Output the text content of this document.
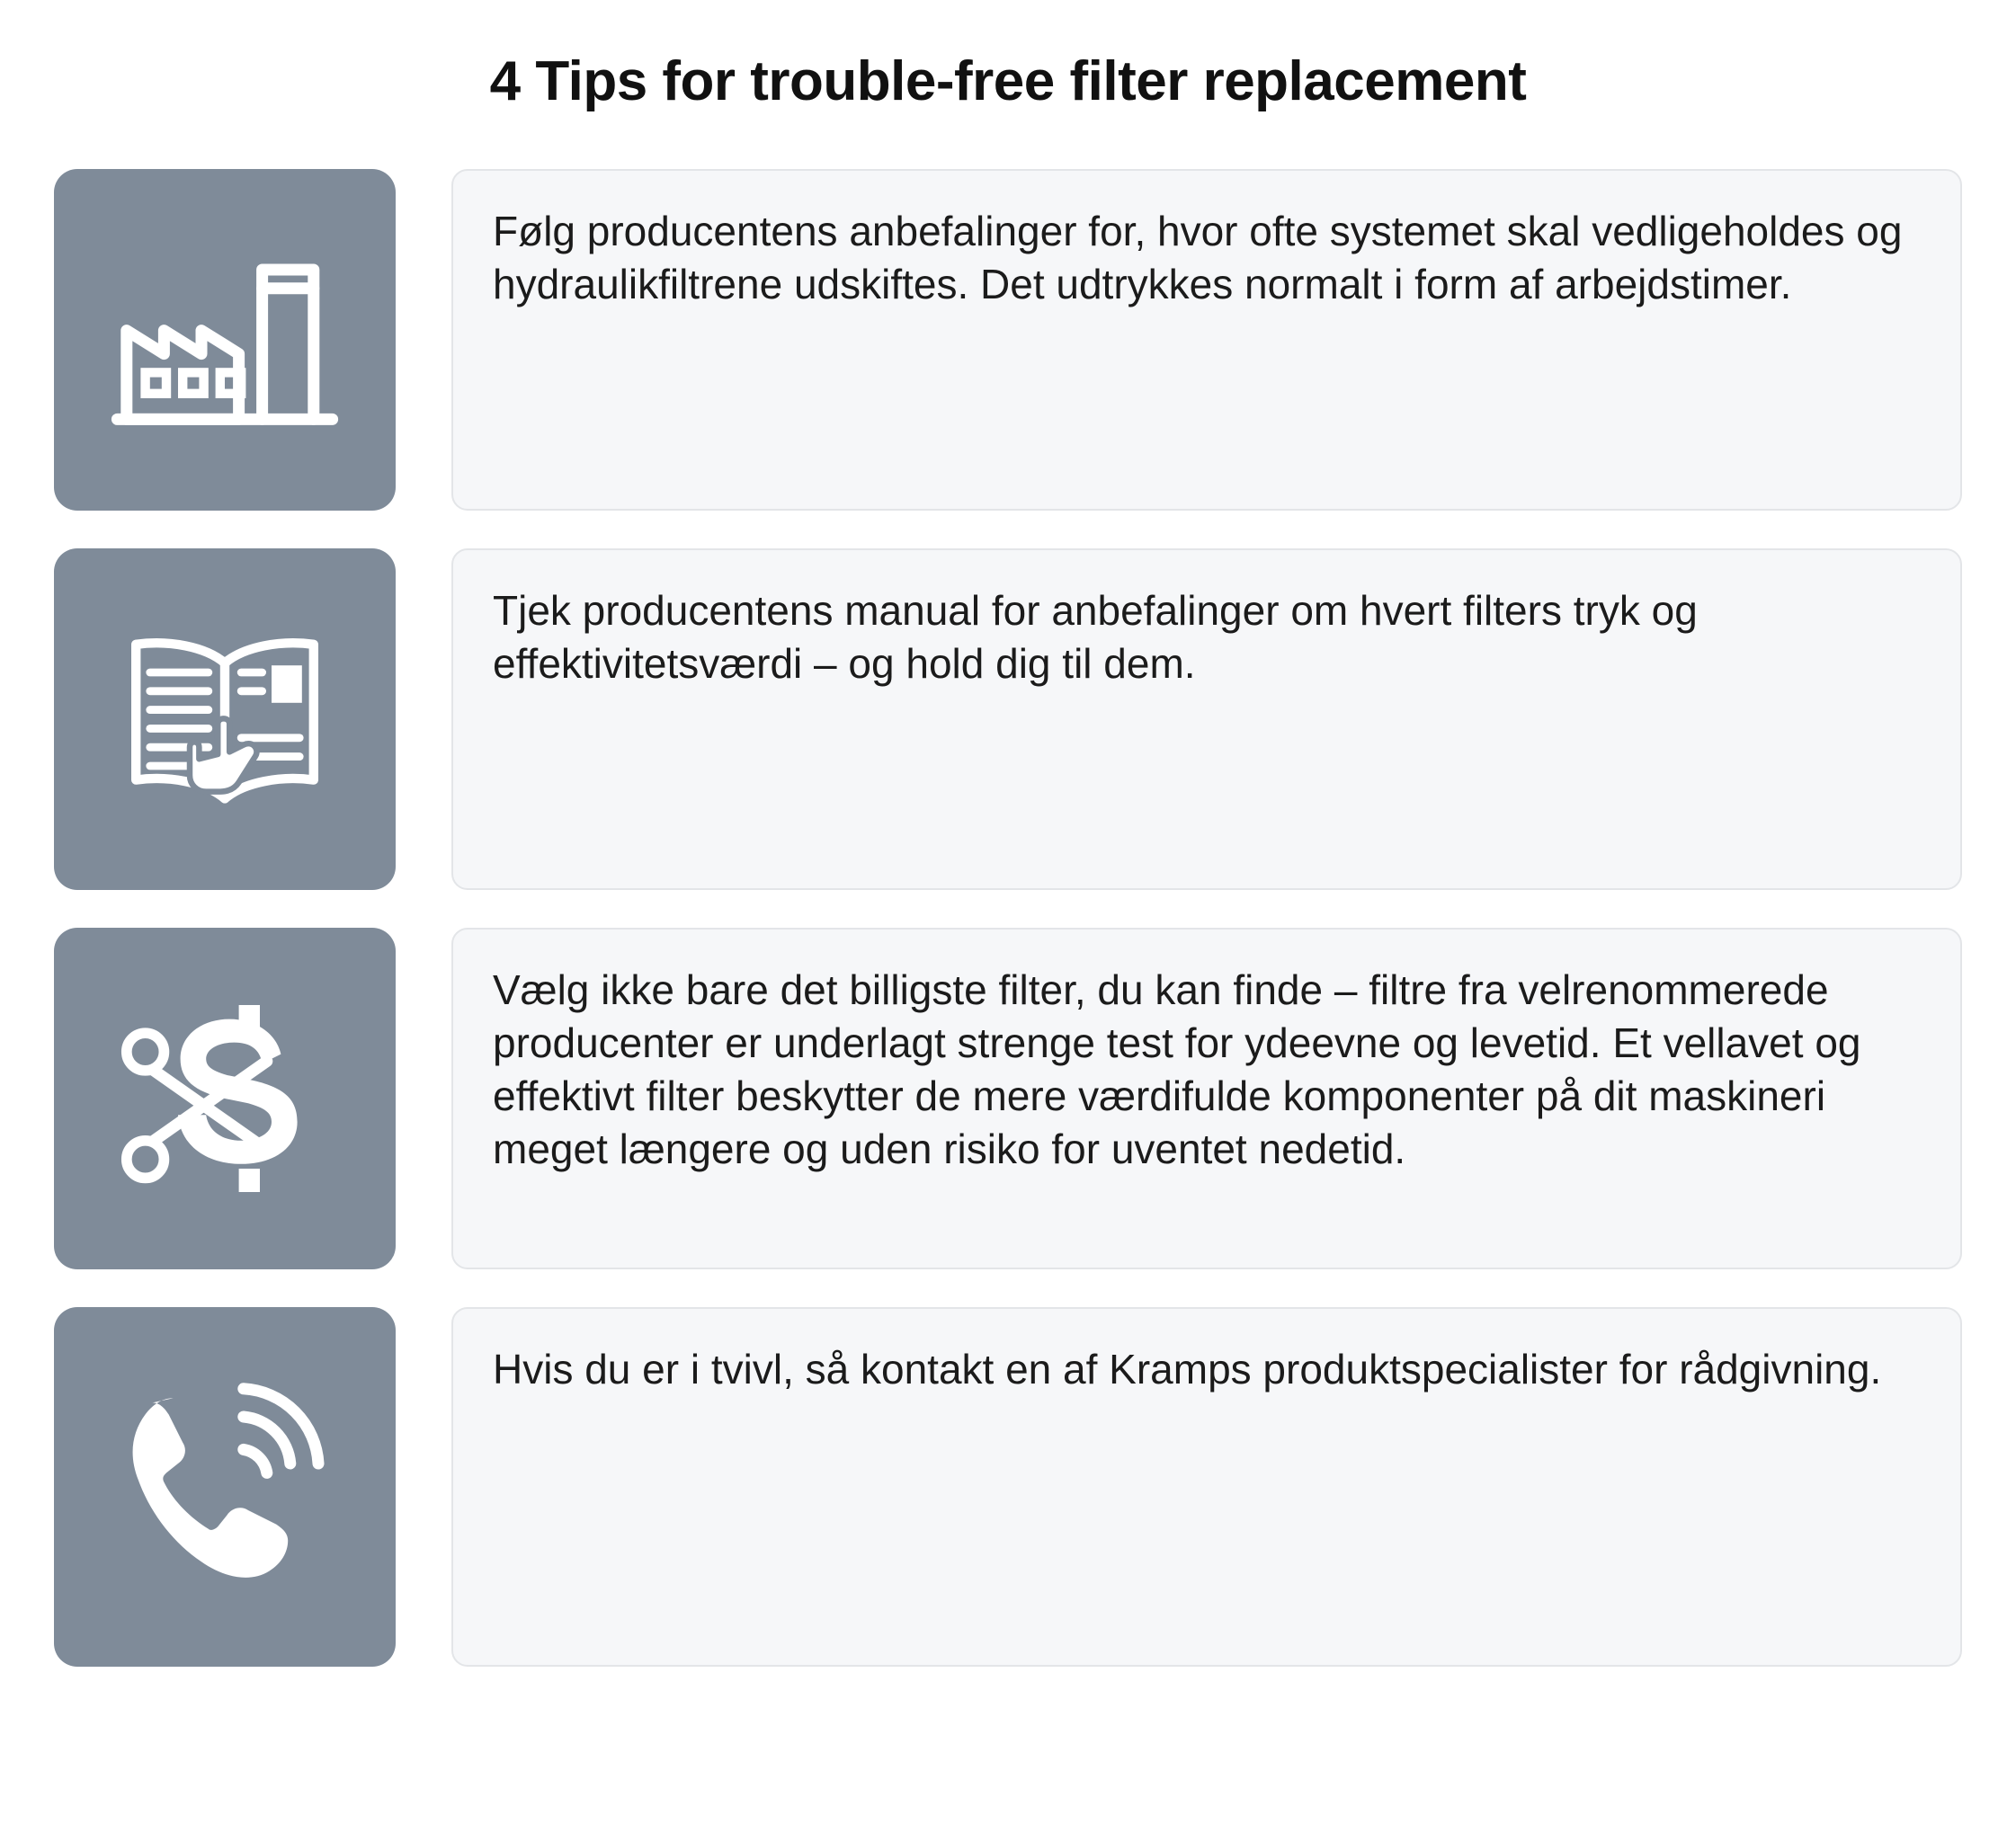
4 Tips for trouble-free filter replacement

Følg producentens anbefalinger for, hvor ofte systemet skal vedligeholdes og hydraulikfiltrene udskiftes. Det udtrykkes normalt i form af arbejdstimer.

Tjek producentens manual for anbefalinger om hvert filters tryk og effektivitetsværdi – og hold dig til dem.

Vælg ikke bare det billigste filter, du kan finde – filtre fra velrenommerede producenter er underlagt strenge test for ydeevne og levetid. Et vellavet og effektivt filter beskytter de mere værdifulde komponenter på dit maskineri meget længere og uden risiko for uventet nedetid.

Hvis du er i tvivl, så kontakt en af Kramps produktspecialister for rådgivning.
